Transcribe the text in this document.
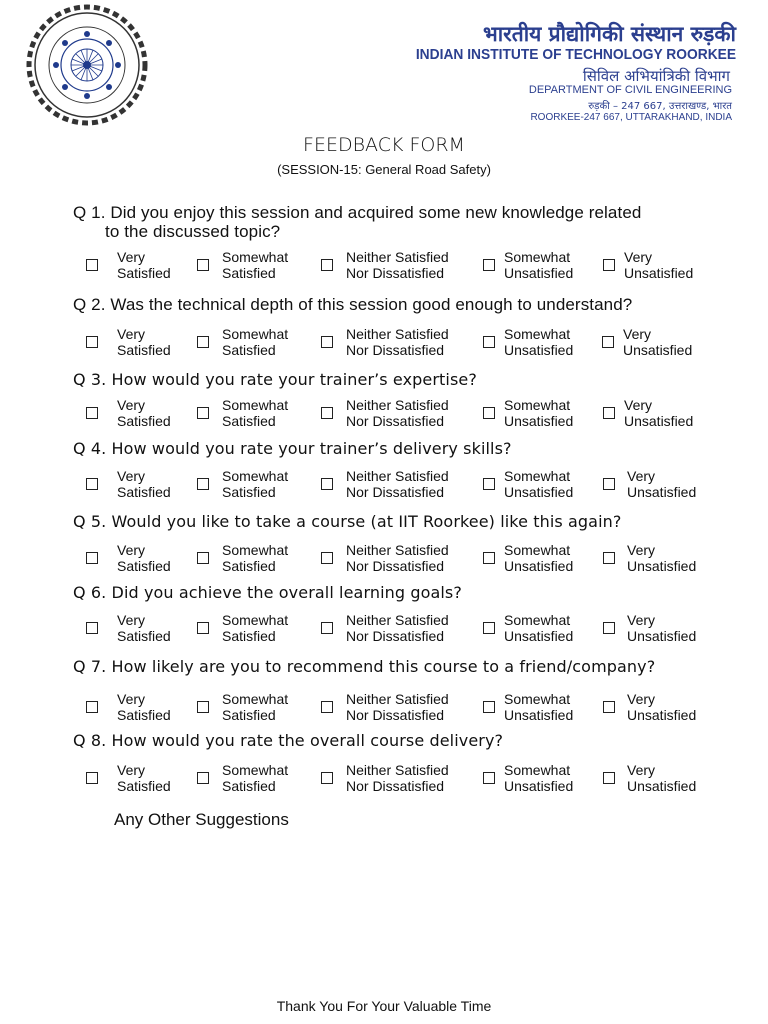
भारतीय प्रौद्योगिकी संस्थान रुड़की
INDIAN INSTITUTE OF TECHNOLOGY ROORKEE
सिविल अभियांत्रिकी विभाग
DEPARTMENT OF CIVIL ENGINEERING
रुड़की – 247 667, उत्तराखण्ड, भारत
ROORKEE-247 667, UTTARAKHAND, INDIA
FEEDBACK FORM
(SESSION-15: General Road Safety)
Q 1. Did you enjoy this session and acquired some new knowledge related
to the discussed topic?
Very
Satisfied
Somewhat
Satisfied
Neither Satisfied
Nor Dissatisfied
Somewhat
Unsatisfied
Very
Unsatisfied
Q 2. Was the technical depth of this session good enough to understand?
Very
Satisfied
Somewhat
Satisfied
Neither Satisfied
Nor Dissatisfied
Somewhat
Unsatisfied
Very
Unsatisfied
Q 3. How would you rate your trainer’s expertise?
Very
Satisfied
Somewhat
Satisfied
Neither Satisfied
Nor Dissatisfied
Somewhat
Unsatisfied
Very
Unsatisfied
Q 4. How would you rate your trainer’s delivery skills?
Very
Satisfied
Somewhat
Satisfied
Neither Satisfied
Nor Dissatisfied
Somewhat
Unsatisfied
Very
Unsatisfied
Q 5. Would you like to take a course (at IIT Roorkee) like this again?
Very
Satisfied
Somewhat
Satisfied
Neither Satisfied
Nor Dissatisfied
Somewhat
Unsatisfied
Very
Unsatisfied
Q 6. Did you achieve the overall learning goals?
Very
Satisfied
Somewhat
Satisfied
Neither Satisfied
Nor Dissatisfied
Somewhat
Unsatisfied
Very
Unsatisfied
Q 7. How likely are you to recommend this course to a friend/company?
Very
Satisfied
Somewhat
Satisfied
Neither Satisfied
Nor Dissatisfied
Somewhat
Unsatisfied
Very
Unsatisfied
Q 8. How would you rate the overall course delivery?
Very
Satisfied
Somewhat
Satisfied
Neither Satisfied
Nor Dissatisfied
Somewhat
Unsatisfied
Very
Unsatisfied
Any Other Suggestions
Thank You For Your Valuable Time
